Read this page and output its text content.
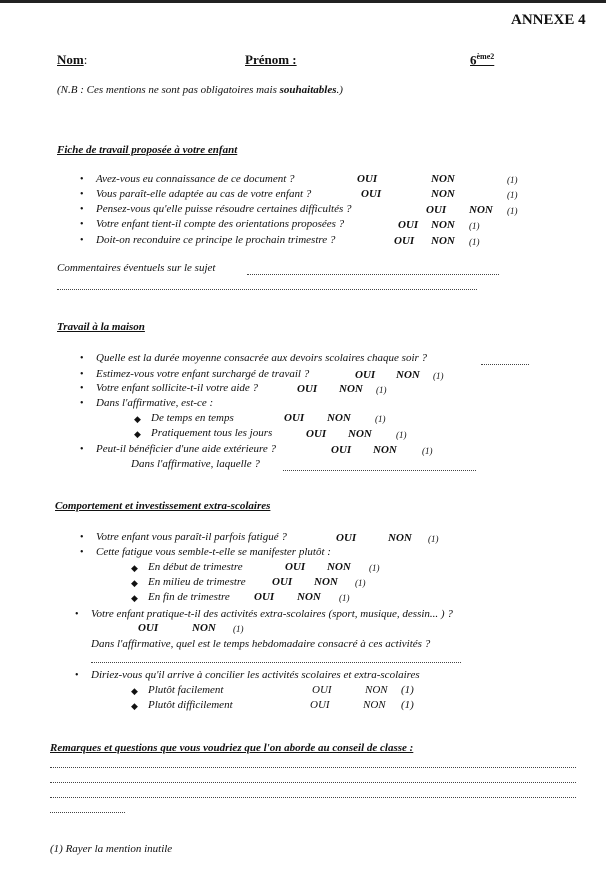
ANNEXE 4
Nom:	Prénom :	$6^{ème2}$
(N.B : Ces mentions ne sont pas obligatoires mais souhaitables.)
Fiche de travail proposée à votre enfant
• Avez-vous eu connaissance de ce document ?	OUI	NON	(1)
• Vous paraît-elle adaptée au cas de votre enfant ?	OUI	NON	(1)
• Pensez-vous qu'elle puisse résoudre certaines difficultés ?	OUI NON (1)
• Votre enfant tient-il compte des orientations proposées ?	OUI NON (1)
• Doit-on reconduire ce principe le prochain trimestre ?	OUI NON (1)
Commentaires éventuels sur le sujet
Travail à la maison
• Quelle est la durée moyenne consacrée aux devoirs scolaires chaque soir ?
• Estimez-vous votre enfant surchargé de travail ?	OUI NON (1)
• Votre enfant sollicite-t-il votre aide ?	OUI NON (1)
• Dans l'affirmative, est-ce :
◆ De temps en temps	OUI NON	(1)
◆ Pratiquement tous les jours	OUI NON	(1)
• Peut-il bénéficier d'une aide extérieure ?	OUI NON	(1)
Dans l'affirmative, laquelle ?
Comportement et investissement extra-scolaires
• Votre enfant vous paraît-il parfois fatigué ?	OUI	NON (1)
• Cette fatigue vous semble-t-elle se manifester plutôt :
◆ En début de trimestre	OUI NON (1)
◆ En milieu de trimestre OUI NON (1)
◆ En fin de trimestre OUI NON (1)
• Votre enfant pratique-t-il des activités extra-scolaires (sport, musique, dessin... ) ?
OUI	NON (1)
Dans l'affirmative, quel est le temps hebdomadaire consacré à ces activités ?
• Diriez-vous qu'il arrive à concilier les activités scolaires et extra-scolaires
◆ Plutôt facilement	OUI	NON (1)
◆ Plutôt difficilement	OUI	NON (1)
Remarques et questions que vous voudriez que l'on aborde au conseil de classe :
(1) Rayer la mention inutile
